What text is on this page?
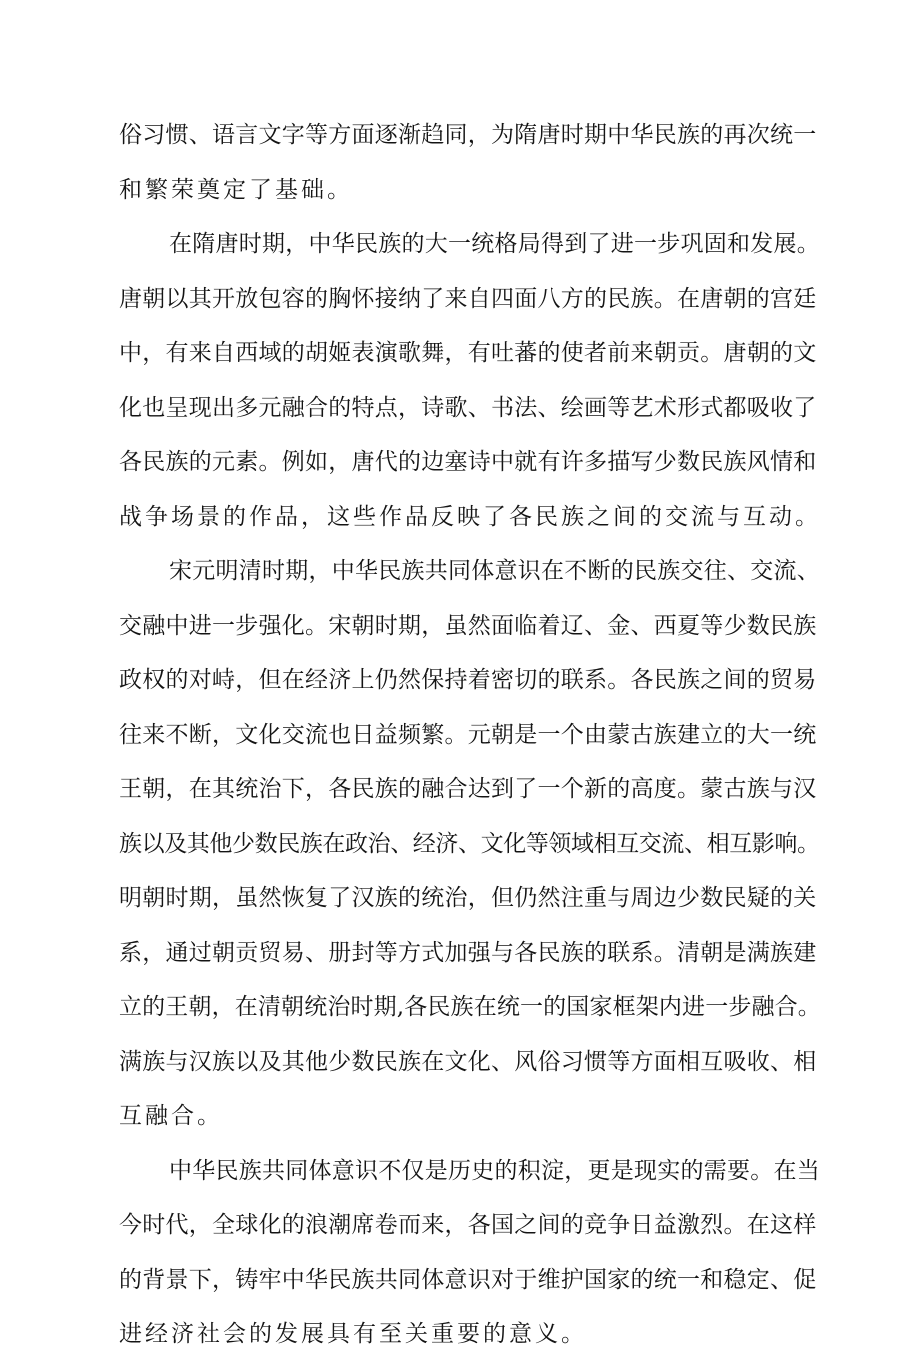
俗习惯、语言文字等方面逐渐趋同，为隋唐时期中华民族的再次统一
和繁荣奠定了基础。
在隋唐时期，中华民族的大一统格局得到了进一步巩固和发展。
唐朝以其开放包容的胸怀接纳了来自四面八方的民族。在唐朝的宫廷
中，有来自西域的胡姬表演歌舞，有吐蕃的使者前来朝贡。唐朝的文
化也呈现出多元融合的特点，诗歌、书法、绘画等艺术形式都吸收了
各民族的元素。例如，唐代的边塞诗中就有许多描写少数民族风情和
战争场景的作品，这些作品反映了各民族之间的交流与互动。
宋元明清时期，中华民族共同体意识在不断的民族交往、交流、
交融中进一步强化。宋朝时期，虽然面临着辽、金、西夏等少数民族
政权的对峙，但在经济上仍然保持着密切的联系。各民族之间的贸易
往来不断，文化交流也日益频繁。元朝是一个由蒙古族建立的大一统
王朝，在其统治下，各民族的融合达到了一个新的高度。蒙古族与汉
族以及其他少数民族在政治、经济、文化等领域相互交流、相互影响。
明朝时期，虽然恢复了汉族的统治，但仍然注重与周边少数民疑的关
系，通过朝贡贸易、册封等方式加强与各民族的联系。清朝是满族建
立的王朝，在清朝统治时期,各民族在统一的国家框架内进一步融合。
满族与汉族以及其他少数民族在文化、风俗习惯等方面相互吸收、相
互融合。
中华民族共同体意识不仅是历史的积淀，更是现实的需要。在当
今时代，全球化的浪潮席卷而来，各国之间的竞争日益激烈。在这样
的背景下，铸牢中华民族共同体意识对于维护国家的统一和稳定、促
进经济社会的发展具有至关重要的意义。
